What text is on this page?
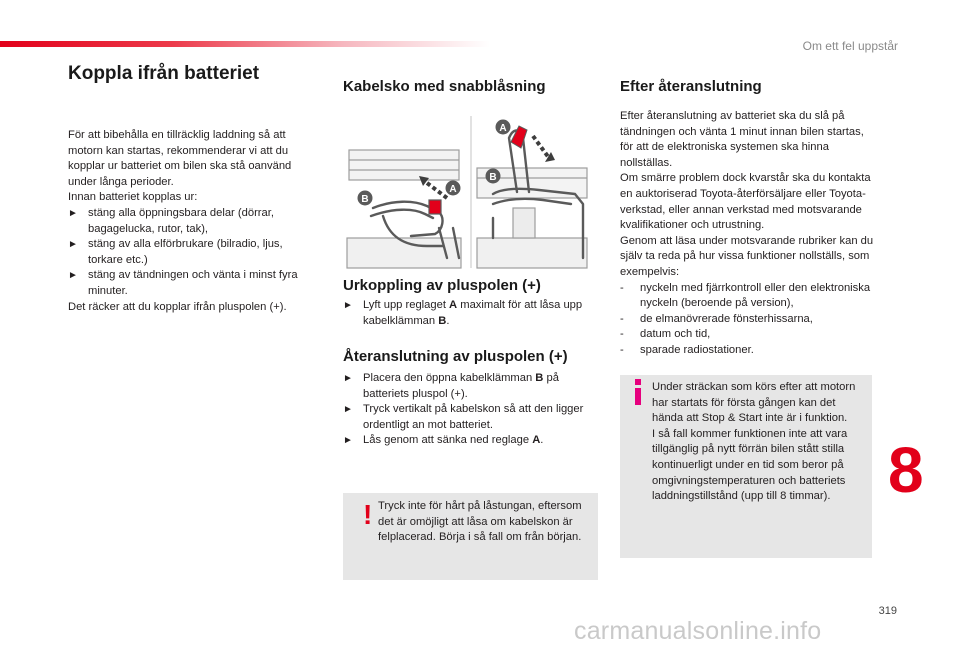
Om ett fel uppstår
Koppla ifrån batteriet

För att bibehålla en tillräcklig laddning så att motorn kan startas, rekommenderar vi att du kopplar ur batteriet om bilen ska stå oanvänd under långa perioder.

Innan batteriet kopplas ur:

► stäng alla öppningsbara delar (dörrar, bagagelucka, rutor, tak),
► stäng av alla elförbrukare (bilradio, ljus, torkare etc.)
► stäng av tändningen och vänta i minst fyra minuter.

Det räcker att du kopplar ifrån pluspolen (+).

Kabelsko med snabblåsning
A
B
A
B
Urkoppling av pluspolen (+)
► Lyft upp reglaget A maximalt för att låsa upp kabelklämman B.
Återanslutning av pluspolen (+)
► Placera den öppna kabelklämman B på batteriets pluspol (+).
► Tryck vertikalt på kabelskon så att den ligger ordentligt an mot batteriet.
► Lås genom att sänka ned reglage A.
! Tryck inte för hårt på låstungan, eftersom det är omöjligt att låsa om kabelskon är felplacerad. Börja i så fall om från början.
Efter återanslutning

Efter återanslutning av batteriet ska du slå på tändningen och vänta 1 minut innan bilen startas, för att de elektroniska systemen ska hinna nollställas.

Om smärre problem dock kvarstår ska du kontakta en auktoriserad Toyota-återförsäljare eller Toyota-verkstad, eller annan verkstad med motsvarande kvalifikationer och utrustning.

Genom att läsa under motsvarande rubriker kan du själv ta reda på hur vissa funktioner nollställs, som exempelvis:

- nyckeln med fjärrkontroll eller den elektroniska nyckeln (beroende på version),
- de elmanövrerade fönsterhissarna,
- datum och tid,
- sparade radiostationer.

Under sträckan som körs efter att motorn har startats för första gången kan det hända att Stop & Start inte är i funktion.

I så fall kommer funktionen inte att vara tillgänglig på nytt förrän bilen stått stilla kontinuerligt under en tid som beror på omgivningstemperaturen och batteriets laddningstillstånd (upp till 8 timmar). 8
319
carmanualsonline.info
